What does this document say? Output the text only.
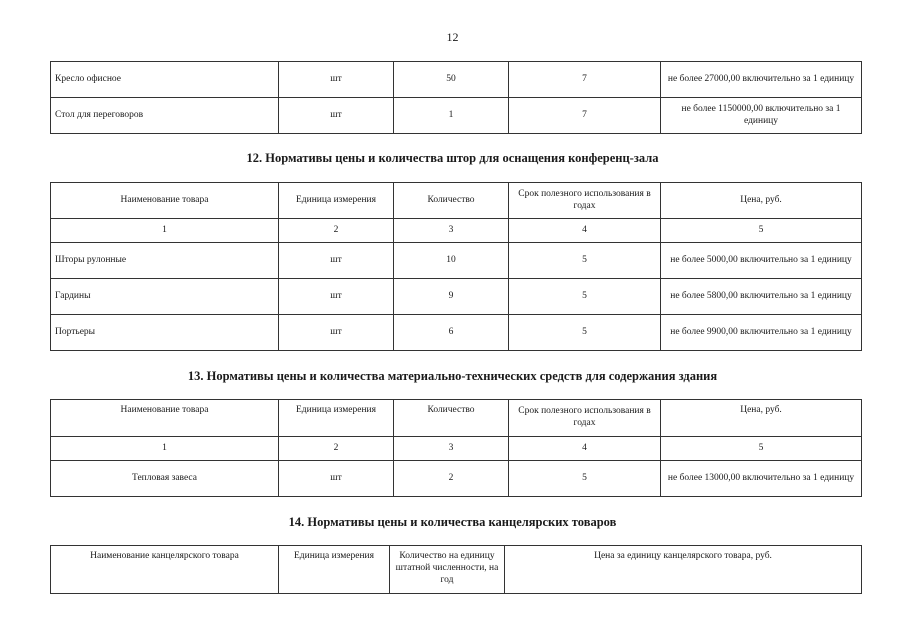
12
Кресло офисное	шт	50	7	не более 27000,00 включительно за 1 единицу
Стол для переговоров	шт	1	7	не более 1150000,00 включительно за 1 единицу
12. Нормативы цены и количества штор для оснащения конференц-зала
Наименование товара	Единица измерения	Количество	Срок полезного использования в годах	Цена, руб.
1	2	3	4	5
Шторы рулонные	шт	10	5	не более 5000,00 включительно за 1 единицу
Гардины	шт	9	5	не более 5800,00 включительно за 1 единицу
Портьеры	шт	6	5	не более 9900,00 включительно за 1 единицу
13. Нормативы цены и количества материально-технических средств для содержания здания
Наименование товара	Единица измерения	Количество	Срок полезного использования в годах	Цена, руб.
1	2	3	4	5
Тепловая завеса	шт	2	5	не более 13000,00 включительно за 1 единицу
14. Нормативы цены и количества канцелярских товаров
Наименование канцелярского товара	Единица измерения	Количество на единицу штатной численности, на год	Цена за единицу канцелярского товара, руб.
